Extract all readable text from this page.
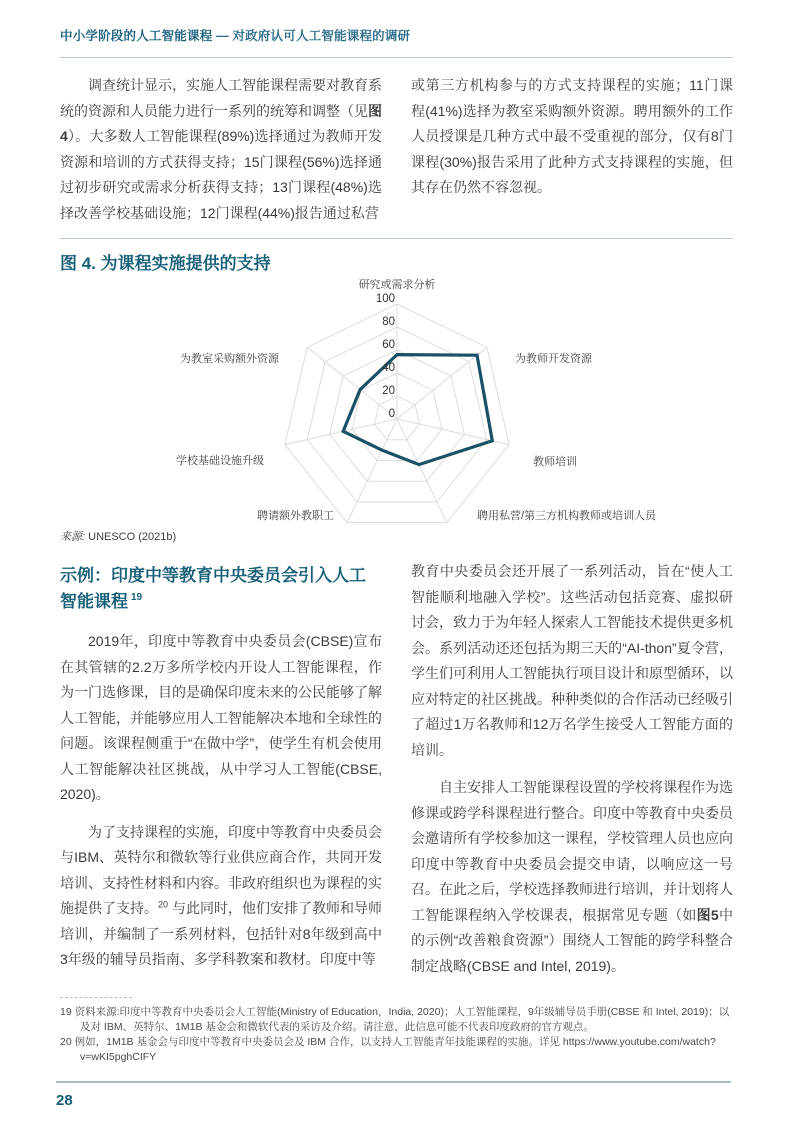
中小学阶段的人工智能课程 — 对政府认可人工智能课程的调研

调查统计显示，实施人工智能课程需要对教育系统的资源和人员能力进行一系列的统筹和调整（见图4）。大多数人工智能课程(89%)选择通过为教师开发资源和培训的方式获得支持；15门课程(56%)选择通过初步研究或需求分析获得支持；13门课程(48%)选择改善学校基础设施；12门课程(44%)报告通过私营

或第三方机构参与的方式支持课程的实施；11门课程(41%)选择为教室采购额外资源。聘用额外的工作人员授课是几种方式中最不受重视的部分，仅有8门课程(30%)报告采用了此种方式支持课程的实施，但其存在仍然不容忽视。

图 4. 为课程实施提供的支持
0
20
40
60
80
100
研究或需求分析
为教师开发资源
教师培训
聘用私营/第三方机构教师或培训人员
聘请额外教职工
学校基础设施升级
为教室采购额外资源
来源: UNESCO (2021b)
示例：印度中等教育中央委员会引入人工智能课程 $^{19}$

2019年，印度中等教育中央委员会(CBSE)宣布在其管辖的2.2万多所学校内开设人工智能课程，作为一门选修课，目的是确保印度未来的公民能够了解人工智能，并能够应用人工智能解决本地和全球性的问题。该课程侧重于“在做中学”，使学生有机会使用人工智能解决社区挑战，从中学习人工智能(CBSE, 2020)。

为了支持课程的实施，印度中等教育中央委员会与IBM、英特尔和微软等行业供应商合作，共同开发培训、支持性材料和内容。非政府组织也为课程的实施提供了支持。$^{20}$ 与此同时，他们安排了教师和导师培训，并编制了一系列材料，包括针对8年级到高中3年级的辅导员指南、多学科教案和教材。印度中等

教育中央委员会还开展了一系列活动，旨在“使人工智能顺利地融入学校”。这些活动包括竞赛、虚拟研讨会，致力于为年轻人探索人工智能技术提供更多机会。系列活动还还包括为期三天的“AI-thon”夏令营，学生们可利用人工智能执行项目设计和原型循环，以应对特定的社区挑战。种种类似的合作活动已经吸引了超过1万名教师和12万名学生接受人工智能方面的培训。

自主安排人工智能课程设置的学校将课程作为选修课或跨学科课程进行整合。印度中等教育中央委员会邀请所有学校参加这一课程，学校管理人员也应向印度中等教育中央委员会提交申请，以响应这一号召。在此之后，学校选择教师进行培训，并计划将人工智能课程纳入学校课表，根据常见专题（如图5中的示例“改善粮食资源”）围绕人工智能的跨学科整合制定战略(CBSE and Intel, 2019)。

19 资料来源:印度中等教育中央委员会人工智能(Ministry of Education，India, 2020)；人工智能课程，9年级辅导员手册(CBSE 和 Intel, 2019)；以及对 IBM、英特尔、1M1B 基金会和微软代表的采访及介绍。请注意，此信息可能不代表印度政府的官方观点。
20 例如，1M1B 基金会与印度中等教育中央委员会及 IBM 合作，以支持人工智能青年技能课程的实施。详见 https://www.youtube.com/watch?v=wKI5pghCIFY
28
